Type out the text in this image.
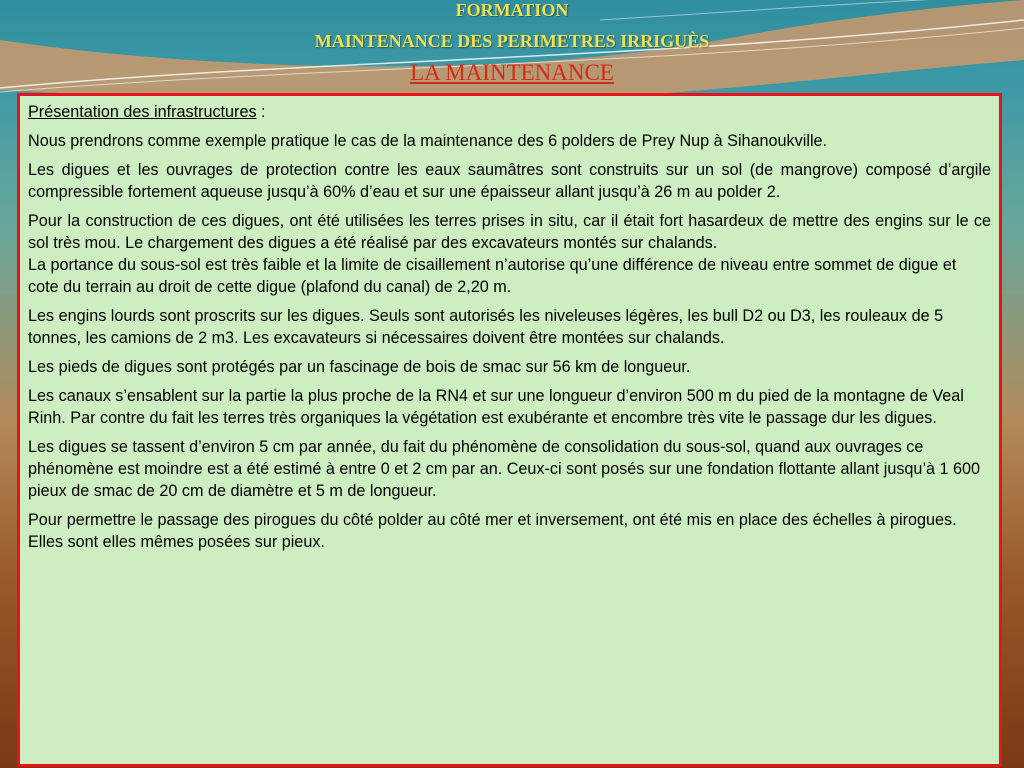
FORMATION
MAINTENANCE DES PERIMETRES IRRIGUÈS
LA MAINTENANCE

Présentation des infrastructures :

Nous prendrons comme exemple pratique le cas de la maintenance des 6 polders de Prey Nup à Sihanoukville.

Les digues et les ouvrages de protection contre les eaux saumâtres sont construits sur un sol (de mangrove) composé d’argile compressible fortement aqueuse jusqu’à 60% d’eau et sur une épaisseur allant jusqu’à 26 m au polder 2.

Pour la construction de ces digues, ont été utilisées les terres prises in situ, car il était fort hasardeux de mettre des engins sur le ce sol très mou. Le chargement des digues a été réalisé par des excavateurs montés sur chalands.

La portance du sous-sol est très faible et la limite de cisaillement n’autorise qu’une différence de niveau entre sommet de digue et cote du terrain au droit de cette digue (plafond du canal) de 2,20 m.

Les engins lourds sont proscrits sur les digues. Seuls sont autorisés les niveleuses légères, les bull D2 ou D3, les rouleaux de 5 tonnes, les camions de 2 m3. Les excavateurs si nécessaires doivent être montées sur chalands.

Les pieds de digues sont protégés par un fascinage de bois de smac sur 56 km de longueur.

Les canaux s’ensablent sur la partie la plus proche de la RN4 et sur une longueur d’environ 500 m du pied de la montagne de Veal Rinh. Par contre du fait les terres très organiques la végétation est exubérante et encombre très vite le passage dur les digues.

Les digues se tassent d’environ 5 cm par année, du fait du phénomène de consolidation du sous-sol, quand aux ouvrages ce phénomène est moindre est a été estimé à entre 0 et 2 cm par an. Ceux-ci sont posés sur une fondation flottante allant jusqu’à 1 600 pieux de smac de 20 cm de diamètre et 5 m de longueur.

Pour permettre le passage des pirogues du côté polder au côté mer et inversement, ont été mis en place des échelles à pirogues. Elles sont elles mêmes posées sur pieux.
